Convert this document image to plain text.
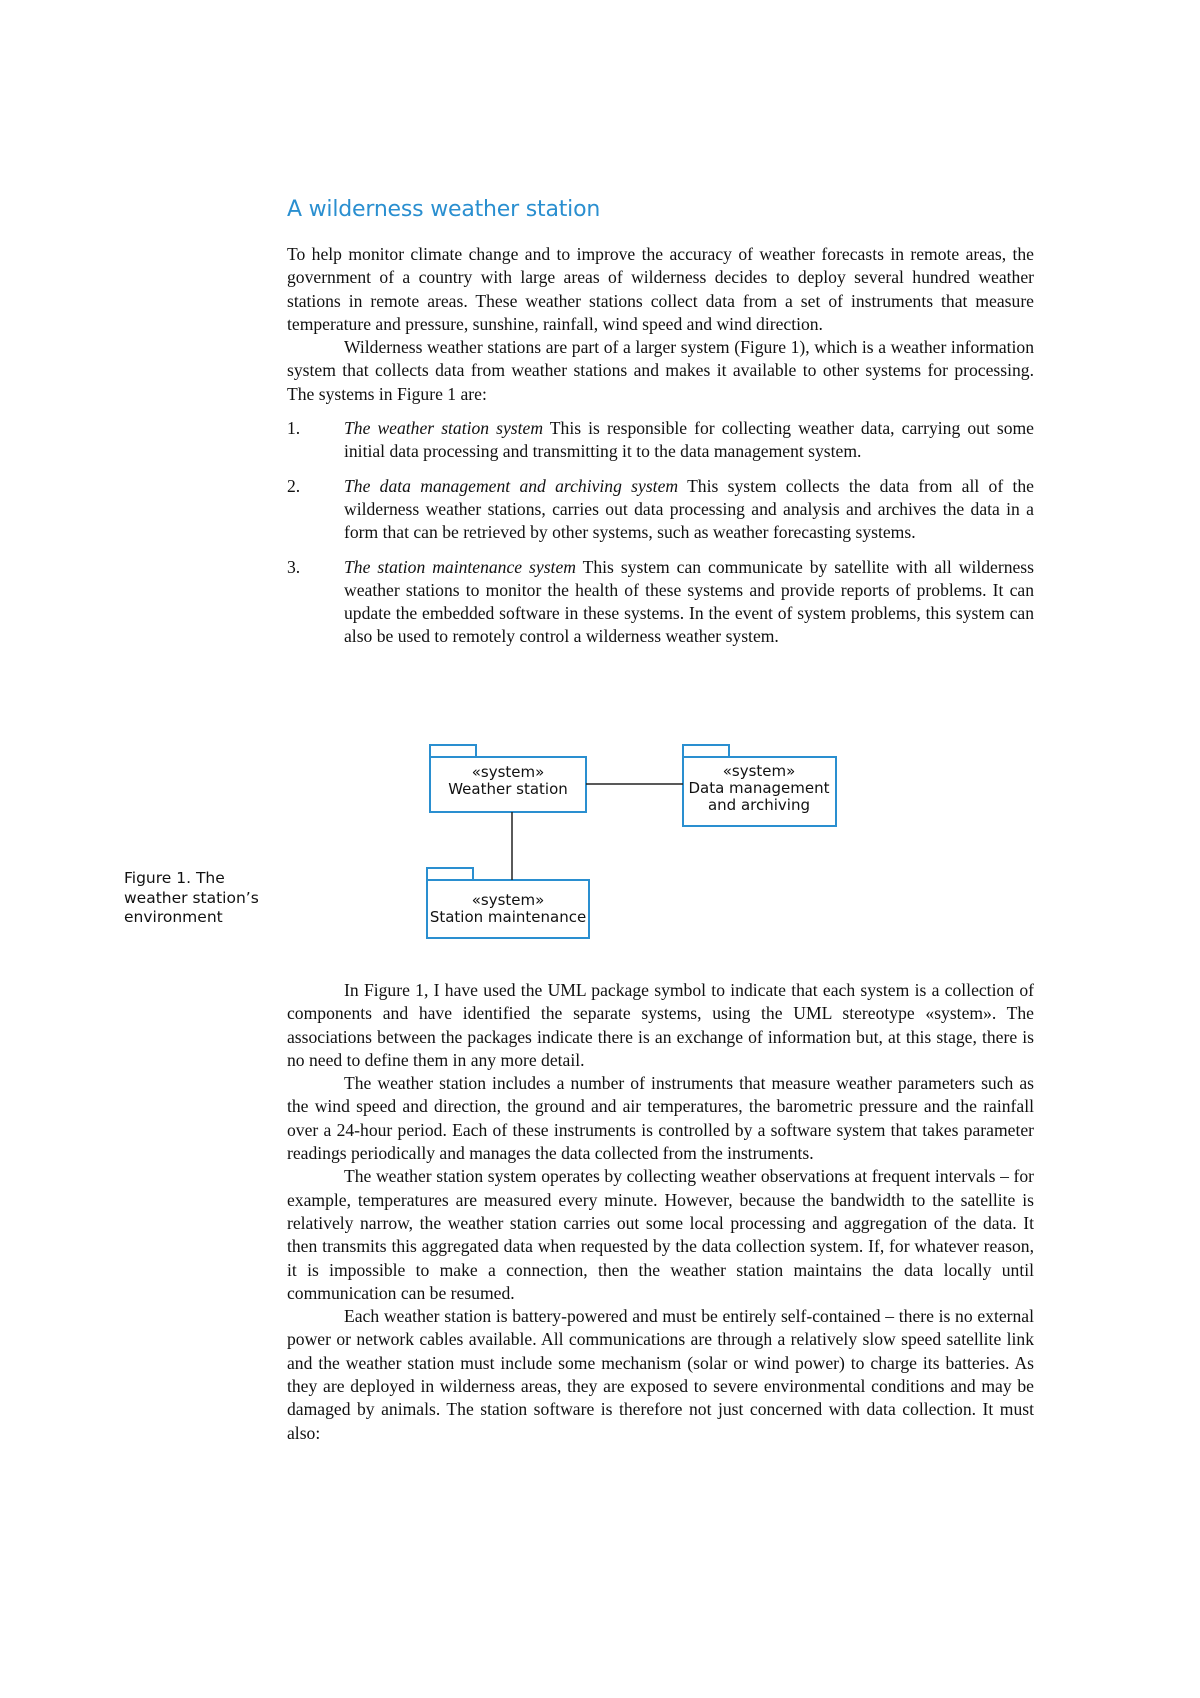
A wilderness weather station

To help monitor climate change and to improve the accuracy of weather forecasts in remote areas, the government of a country with large areas of wilderness decides to deploy several hundred weather stations in remote areas. These weather stations collect data from a set of instruments that measure temperature and pressure, sunshine, rainfall, wind speed and wind direction.

Wilderness weather stations are part of a larger system (Figure 1), which is a weather information system that collects data from weather stations and makes it available to other systems for processing. The systems in Figure 1 are:

1. The weather station system This is responsible for collecting weather data, carrying out some initial data processing and transmitting it to the data management system.
2. The data management and archiving system This system collects the data from all of the wilderness weather stations, carries out data processing and analysis and archives the data in a form that can be retrieved by other systems, such as weather forecasting systems.
3. The station maintenance system This system can communicate by satellite with all wilderness weather stations to monitor the health of these systems and provide reports of problems. It can update the embedded software in these systems. In the event of system problems, this system can also be used to remotely control a wilderness weather system.
Figure 1. The weather station’s environment
«system»
Weather station
«system»
Data management
and archiving
«system»
Station maintenance

In Figure 1, I have used the UML package symbol to indicate that each system is a collection of components and have identified the separate systems, using the UML stereotype «system». The associations between the packages indicate there is an exchange of information but, at this stage, there is no need to define them in any more detail.

The weather station includes a number of instruments that measure weather parameters such as the wind speed and direction, the ground and air temperatures, the barometric pressure and the rainfall over a 24-hour period. Each of these instruments is controlled by a software system that takes parameter readings periodically and manages the data collected from the instruments.

The weather station system operates by collecting weather observations at frequent intervals – for example, temperatures are measured every minute. However, because the bandwidth to the satellite is relatively narrow, the weather station carries out some local processing and aggregation of the data. It then transmits this aggregated data when requested by the data collection system. If, for whatever reason, it is impossible to make a connection, then the weather station maintains the data locally until communication can be resumed.

Each weather station is battery-powered and must be entirely self-contained – there is no external power or network cables available. All communications are through a relatively slow speed satellite link and the weather station must include some mechanism (solar or wind power) to charge its batteries. As they are deployed in wilderness areas, they are exposed to severe environmental conditions and may be damaged by animals. The station software is therefore not just concerned with data collection. It must also:
